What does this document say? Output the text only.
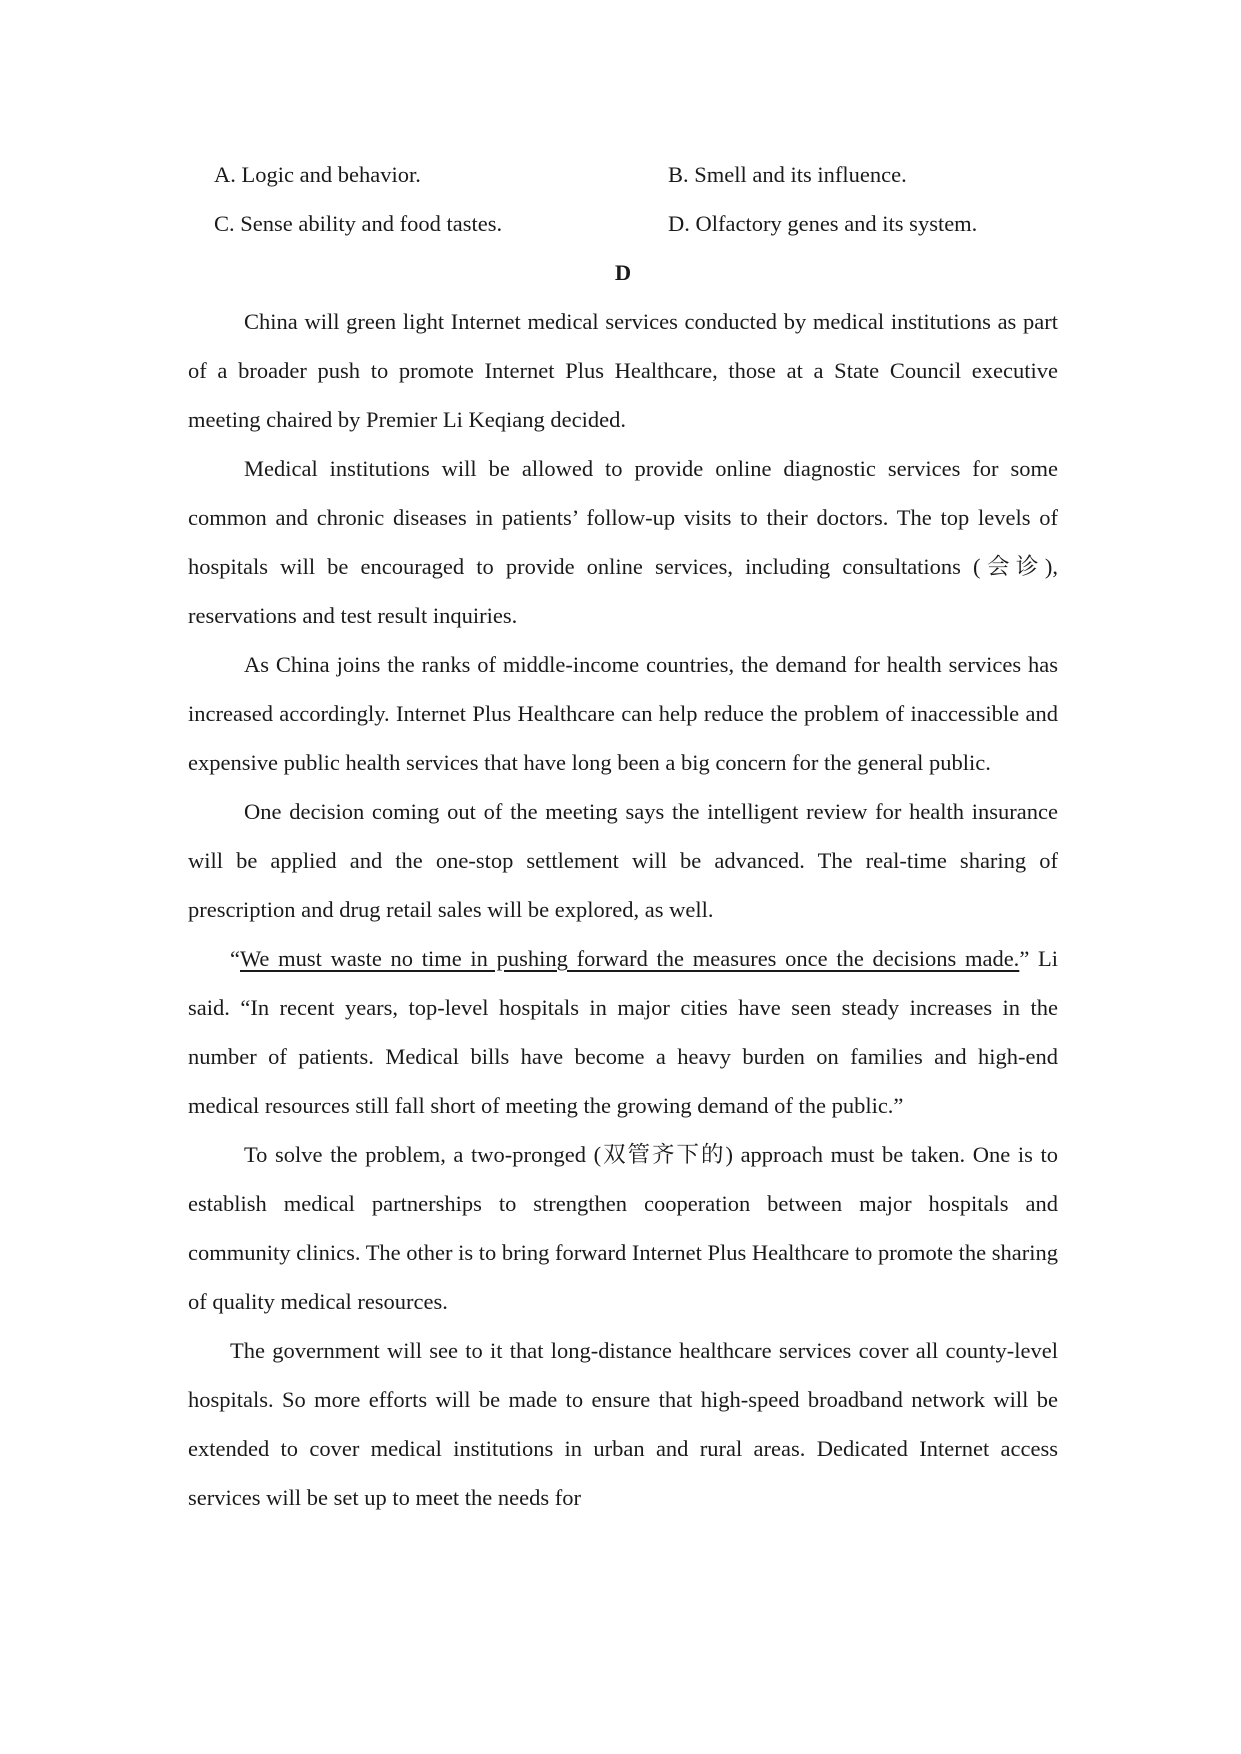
A. Logic and behavior.	B. Smell and its influence.
C. Sense ability and food tastes.	D. Olfactory genes and its system.

D

China will green light Internet medical services conducted by medical institutions as part of a broader push to promote Internet Plus Healthcare, those at a State Council executive meeting chaired by Premier Li Keqiang decided.

Medical institutions will be allowed to provide online diagnostic services for some common and chronic diseases in patients’ follow-up visits to their doctors. The top levels of hospitals will be encouraged to provide online services, including consultations (会诊), reservations and test result inquiries.

As China joins the ranks of middle-income countries, the demand for health services has increased accordingly. Internet Plus Healthcare can help reduce the problem of inaccessible and expensive public health services that have long been a big concern for the general public.

One decision coming out of the meeting says the intelligent review for health insurance will be applied and the one-stop settlement will be advanced. The real-time sharing of prescription and drug retail sales will be explored, as well.

“We must waste no time in pushing forward the measures once the decisions made.” Li said. “In recent years, top-level hospitals in major cities have seen steady increases in the number of patients. Medical bills have become a heavy burden on families and high-end medical resources still fall short of meeting the growing demand of the public.”

To solve the problem, a two-pronged (双管齐下的) approach must be taken. One is to establish medical partnerships to strengthen cooperation between major hospitals and community clinics. The other is to bring forward Internet Plus Healthcare to promote the sharing of quality medical resources.

The government will see to it that long-distance healthcare services cover all county-level hospitals. So more efforts will be made to ensure that high-speed broadband network will be extended to cover medical institutions in urban and rural areas. Dedicated Internet access services will be set up to meet the needs for
